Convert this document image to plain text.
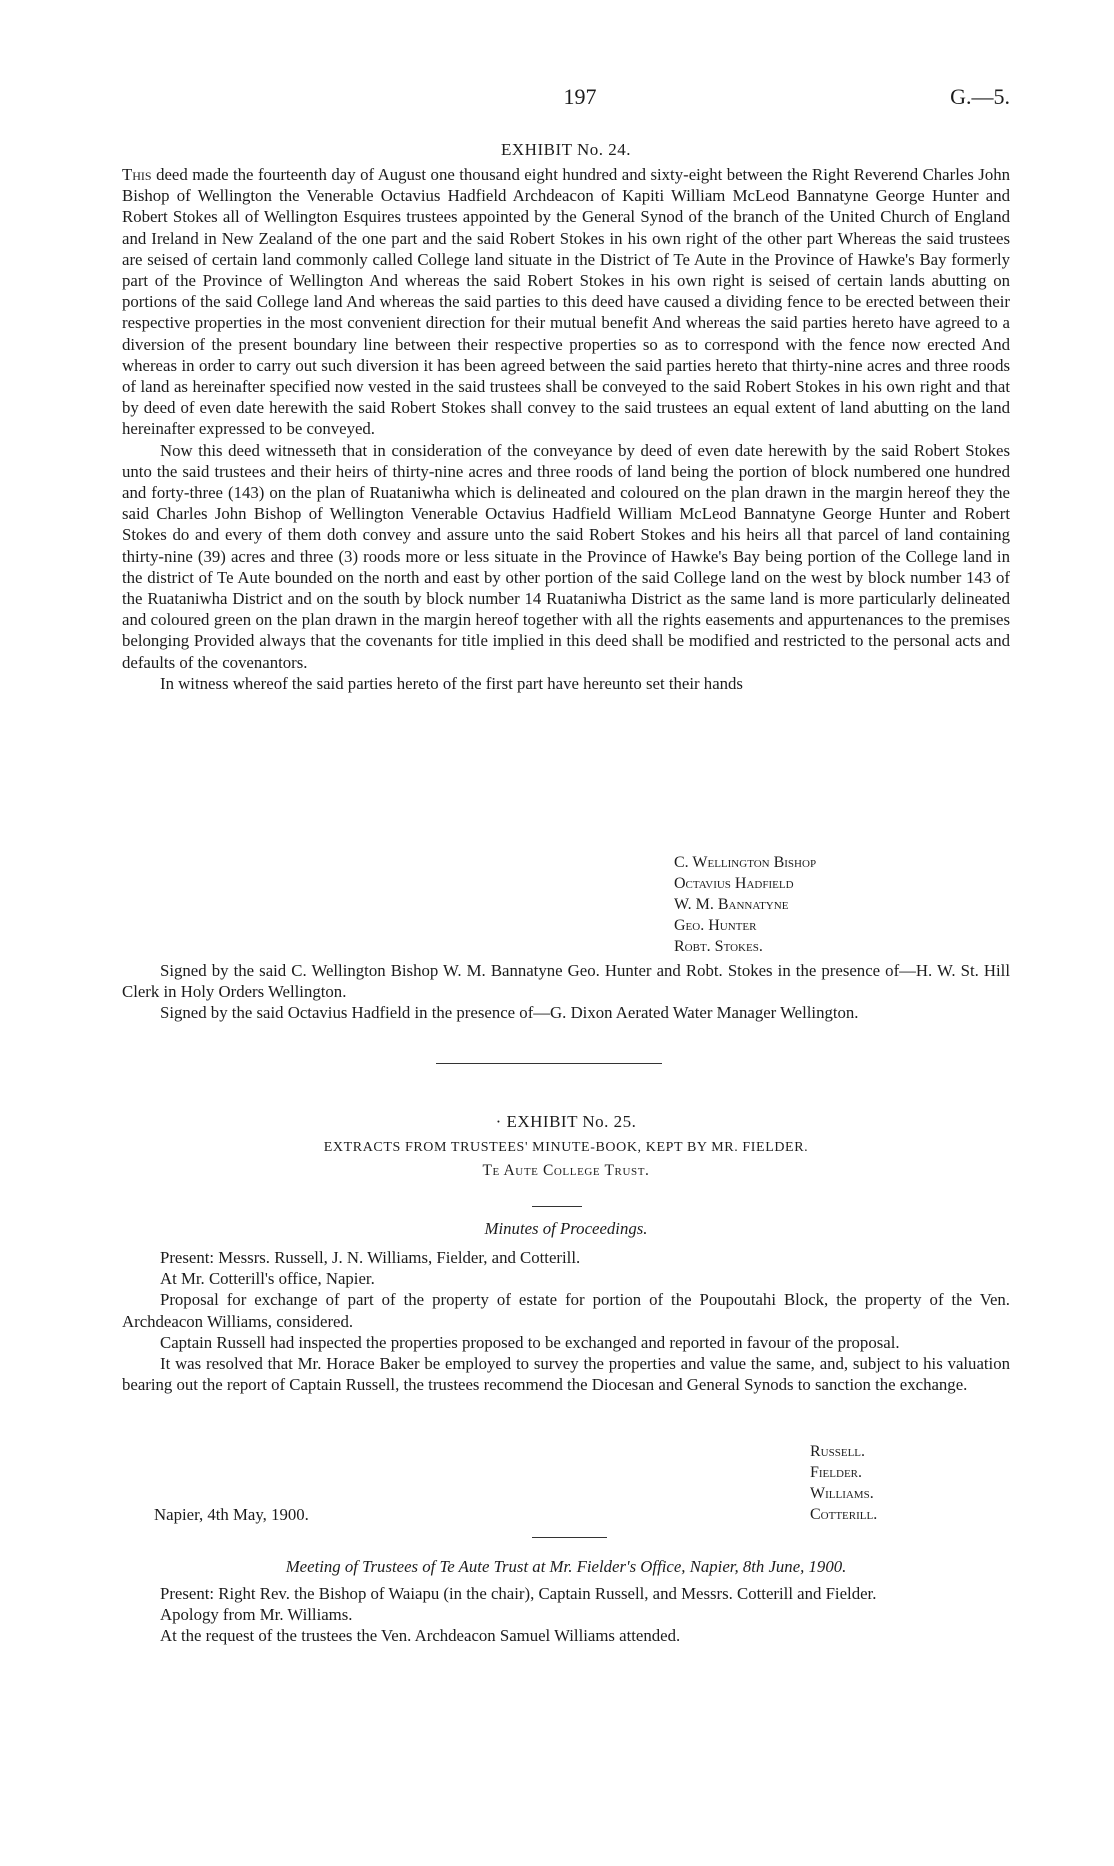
197	G.—5.
EXHIBIT No. 24.

This deed made the fourteenth day of August one thousand eight hundred and sixty-eight between the Right Reverend Charles John Bishop of Wellington the Venerable Octavius Hadfield Archdeacon of Kapiti William McLeod Bannatyne George Hunter and Robert Stokes all of Wellington Esquires trustees appointed by the General Synod of the branch of the United Church of England and Ireland in New Zealand of the one part and the said Robert Stokes in his own right of the other part Whereas the said trustees are seised of certain land commonly called College land situate in the District of Te Aute in the Province of Hawke's Bay formerly part of the Province of Wellington And whereas the said Robert Stokes in his own right is seised of certain lands abutting on portions of the said College land And whereas the said parties to this deed have caused a dividing fence to be erected between their respective properties in the most convenient direction for their mutual benefit And whereas the said parties hereto have agreed to a diversion of the present boundary line between their respective properties so as to correspond with the fence now erected And whereas in order to carry out such diversion it has been agreed between the said parties hereto that thirty-nine acres and three roods of land as hereinafter specified now vested in the said trustees shall be conveyed to the said Robert Stokes in his own right and that by deed of even date herewith the said Robert Stokes shall convey to the said trustees an equal extent of land abutting on the land hereinafter expressed to be conveyed.

Now this deed witnesseth that in consideration of the conveyance by deed of even date herewith by the said Robert Stokes unto the said trustees and their heirs of thirty-nine acres and three roods of land being the portion of block numbered one hundred and forty-three (143) on the plan of Ruataniwha which is delineated and coloured on the plan drawn in the margin hereof they the said Charles John Bishop of Wellington Venerable Octavius Hadfield William McLeod Bannatyne George Hunter and Robert Stokes do and every of them doth convey and assure unto the said Robert Stokes and his heirs all that parcel of land containing thirty-nine (39) acres and three (3) roods more or less situate in the Province of Hawke's Bay being portion of the College land in the district of Te Aute bounded on the north and east by other portion of the said College land on the west by block number 143 of the Ruataniwha District and on the south by block number 14 Ruataniwha District as the same land is more particularly delineated and coloured green on the plan drawn in the margin hereof together with all the rights easements and appurtenances to the premises belonging Provided always that the covenants for title implied in this deed shall be modified and restricted to the personal acts and defaults of the covenantors.

In witness whereof the said parties hereto of the first part have hereunto set their hands

C. Wellington Bishop
Octavius Hadfield
W. M. Bannatyne
Geo. Hunter
Robt. Stokes.

Signed by the said C. Wellington Bishop W. M. Bannatyne Geo. Hunter and Robt. Stokes in the presence of—H. W. St. Hill Clerk in Holy Orders Wellington.

Signed by the said Octavius Hadfield in the presence of—G. Dixon Aerated Water Manager Wellington.

· EXHIBIT No. 25.
EXTRACTS FROM TRUSTEES' MINUTE-BOOK, KEPT BY MR. FIELDER.
Te Aute College Trust.
Minutes of Proceedings.

Present: Messrs. Russell, J. N. Williams, Fielder, and Cotterill.

At Mr. Cotterill's office, Napier.

Proposal for exchange of part of the property of estate for portion of the Poupoutahi Block, the property of the Ven. Archdeacon Williams, considered.

Captain Russell had inspected the properties proposed to be exchanged and reported in favour of the proposal.

It was resolved that Mr. Horace Baker be employed to survey the properties and value the same, and, subject to his valuation bearing out the report of Captain Russell, the trustees recommend the Diocesan and General Synods to sanction the exchange.

Russell.
Fielder.
Williams.
Cotterill.
Napier, 4th May, 1900.
Meeting of Trustees of Te Aute Trust at Mr. Fielder's Office, Napier, 8th June, 1900.

Present: Right Rev. the Bishop of Waiapu (in the chair), Captain Russell, and Messrs. Cotterill and Fielder.

Apology from Mr. Williams.

At the request of the trustees the Ven. Archdeacon Samuel Williams attended.
